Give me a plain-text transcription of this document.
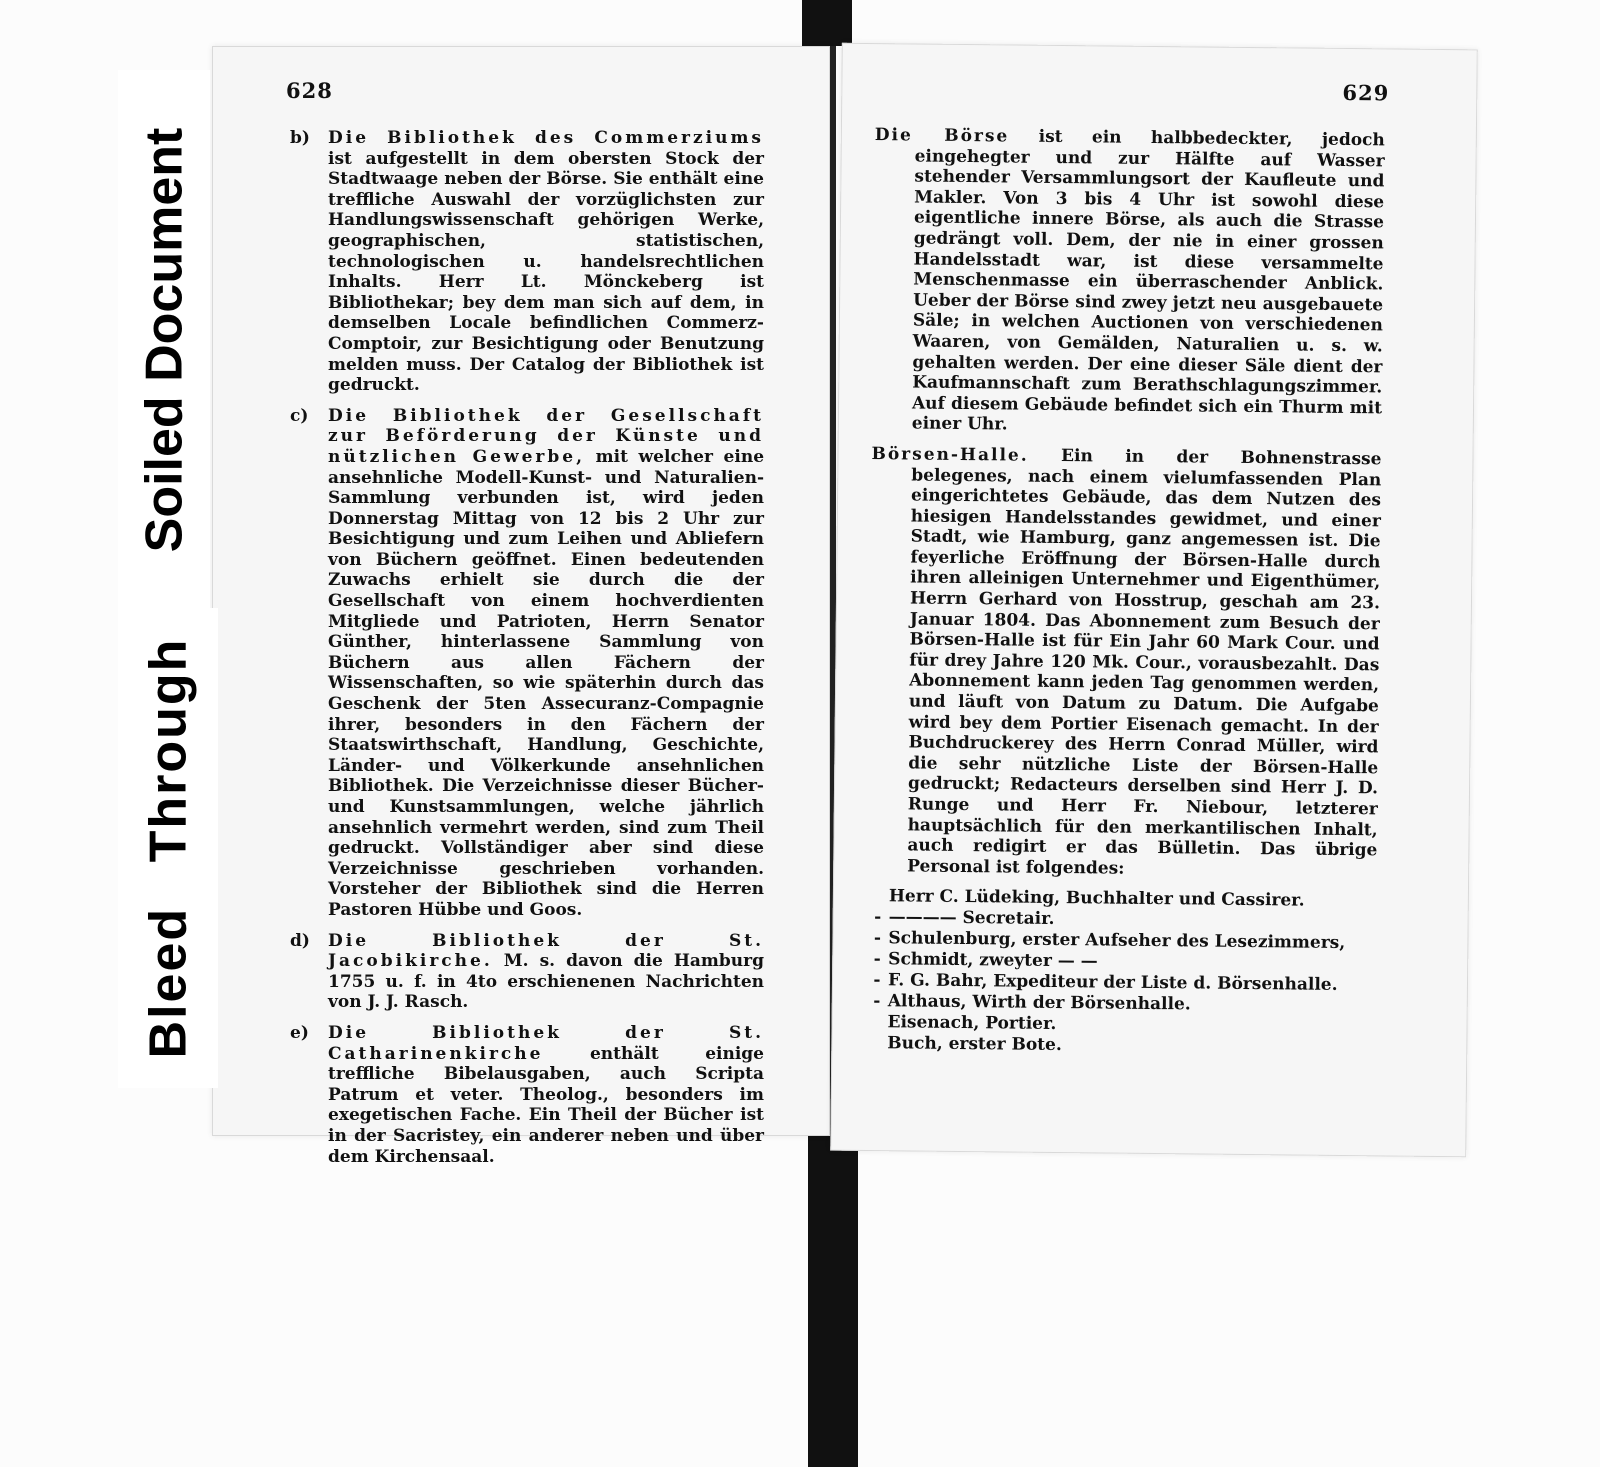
628
b) Die Bibliothek des Commerziums ist aufgestellt in dem obersten Stock der Stadtwaage neben der Börse. Sie enthält eine treffliche Auswahl der vorzüglichsten zur Handlungswissenschaft gehörigen Werke, geographischen, statistischen, technologischen u. handelsrechtlichen Inhalts. Herr Lt. Mönckeberg ist Bibliothekar; bey dem man sich auf dem, in demselben Locale befindlichen Commerz-Comptoir, zur Besichtigung oder Benutzung melden muss. Der Catalog der Bibliothek ist gedruckt.
c) Die Bibliothek der Gesellschaft zur Beförderung der Künste und nützlichen Gewerbe, mit welcher eine ansehnliche Modell-Kunst- und Naturalien-Sammlung verbunden ist, wird jeden Donnerstag Mittag von 12 bis 2 Uhr zur Besichtigung und zum Leihen und Abliefern von Büchern geöffnet. Einen bedeutenden Zuwachs erhielt sie durch die der Gesellschaft von einem hochverdienten Mitgliede und Patrioten, Herrn Senator Günther, hinterlassene Sammlung von Büchern aus allen Fächern der Wissenschaften, so wie späterhin durch das Geschenk der 5ten Assecuranz-Compagnie ihrer, besonders in den Fächern der Staatswirthschaft, Handlung, Geschichte, Länder- und Völkerkunde ansehnlichen Bibliothek. Die Verzeichnisse dieser Bücher- und Kunstsammlungen, welche jährlich ansehnlich vermehrt werden, sind zum Theil gedruckt. Vollständiger aber sind diese Verzeichnisse geschrieben vorhanden. Vorsteher der Bibliothek sind die Herren Pastoren Hübbe und Goos.
d) Die Bibliothek der St. Jacobikirche. M. s. davon die Hamburg 1755 u. f. in 4to erschienenen Nachrichten von J. J. Rasch.
e) Die Bibliothek der St. Catharinenkirche	enthält einige treffliche Bibelausgaben, auch Scripta Patrum et veter. Theolog., besonders im exegetischen Fache. Ein Theil der Bücher ist in der Sacristey, ein anderer neben und über dem Kirchensaal.
629
Die Börse ist ein halbbedeckter, jedoch eingehegter und zur Hälfte auf Wasser stehender Versammlungsort der Kaufleute und Makler. Von 3 bis 4 Uhr ist sowohl diese eigentliche innere Börse, als auch die Strasse gedrängt voll. Dem, der nie in einer grossen Handelsstadt war, ist diese versammelte Menschenmasse ein überraschender Anblick. Ueber der Börse sind zwey jetzt neu ausgebauete Säle; in welchen Auctionen von verschiedenen Waaren, von Gemälden, Naturalien u. s. w. gehalten werden. Der eine dieser Säle dient der Kaufmannschaft zum Berathschlagungszimmer. Auf diesem Gebäude befindet sich ein Thurm mit einer Uhr.
Börsen-Halle. Ein in der Bohnenstrasse belegenes, nach einem vielumfassenden Plan eingerichtetes Gebäude, das dem Nutzen des hiesigen Handelsstandes gewidmet, und einer Stadt, wie Hamburg, ganz angemessen ist. Die feyerliche Eröffnung der Börsen-Halle durch ihren alleinigen Unternehmer und Eigenthümer, Herrn Gerhard von Hosstrup, geschah am 23. Januar 1804. Das Abonnement zum Besuch der Börsen-Halle ist für Ein Jahr 60 Mark Cour. und für drey Jahre 120 Mk. Cour., vorausbezahlt. Das Abonnement kann jeden Tag genommen werden, und läuft von Datum zu Datum. Die Aufgabe wird bey dem Portier Eisenach gemacht. In der Buchdruckerey des Herrn Conrad Müller, wird die sehr nützliche Liste der Börsen-Halle gedruckt; Redacteurs derselben sind Herr J. D. Runge und Herr Fr. Niebour, letzterer hauptsächlich für den merkantilischen Inhalt, auch redigirt er das Bülletin. Das übrige Personal ist folgendes:
Herr C. Lüdeking, Buchhalter und Cassirer.
- ———— Secretair.
- Schulenburg, erster Aufseher des Lesezimmers,
- Schmidt, zweyter — —
- F. G. Bahr, Expediteur der Liste d. Börsenhalle.
- Althaus, Wirth der Börsenhalle.
Eisenach, Portier.
Buch, erster Bote.
Soiled Document
Bleed Through
